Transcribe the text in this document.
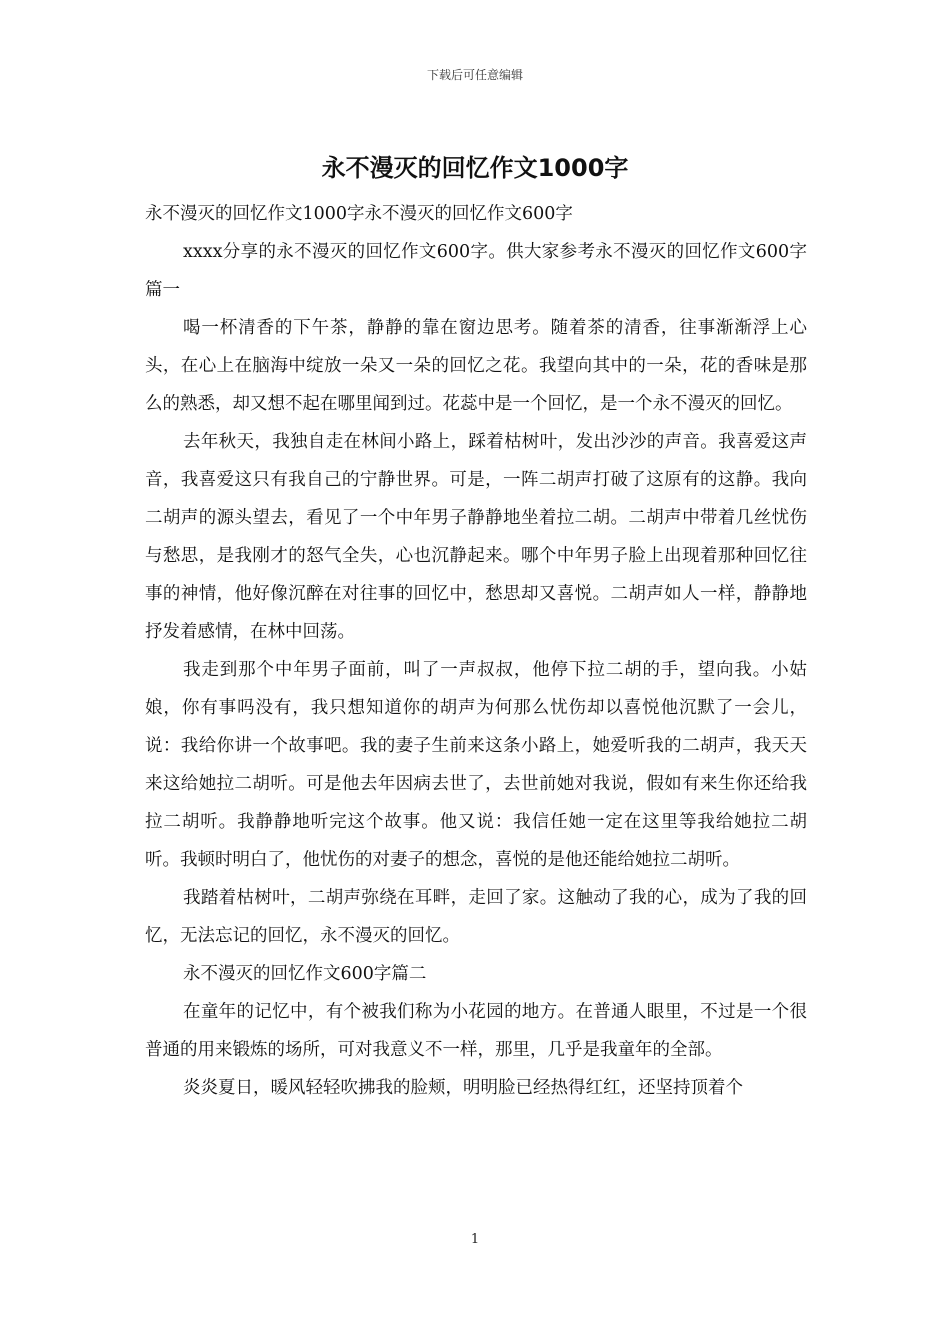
下载后可任意编辑
永不漫灭的回忆作文1000字

永不漫灭的回忆作文1000字永不漫灭的回忆作文600字

xxxx分享的永不漫灭的回忆作文600字。供大家参考永不漫灭的回忆作文600字篇一

喝一杯清香的下午茶，静静的靠在窗边思考。随着茶的清香，往事渐渐浮上心头，在心上在脑海中绽放一朵又一朵的回忆之花。我望向其中的一朵，花的香味是那么的熟悉，却又想不起在哪里闻到过。花蕊中是一个回忆，是一个永不漫灭的回忆。

去年秋天，我独自走在林间小路上，踩着枯树叶，发出沙沙的声音。我喜爱这声音，我喜爱这只有我自己的宁静世界。可是，一阵二胡声打破了这原有的这静。我向二胡声的源头望去，看见了一个中年男子静静地坐着拉二胡。二胡声中带着几丝忧伤与愁思，是我刚才的怒气全失，心也沉静起来。哪个中年男子脸上出现着那种回忆往事的神情，他好像沉醉在对往事的回忆中，愁思却又喜悦。二胡声如人一样，静静地抒发着感情，在林中回荡。

我走到那个中年男子面前，叫了一声叔叔，他停下拉二胡的手，望向我。小姑娘，你有事吗没有，我只想知道你的胡声为何那么忧伤却以喜悦他沉默了一会儿，说：我给你讲一个故事吧。我的妻子生前来这条小路上，她爱听我的二胡声，我天天来这给她拉二胡听。可是他去年因病去世了，去世前她对我说，假如有来生你还给我拉二胡听。我静静地听完这个故事。他又说：我信任她一定在这里等我给她拉二胡听。我顿时明白了，他忧伤的对妻子的想念，喜悦的是他还能给她拉二胡听。

我踏着枯树叶，二胡声弥绕在耳畔，走回了家。这触动了我的心，成为了我的回忆，无法忘记的回忆，永不漫灭的回忆。

永不漫灭的回忆作文600字篇二

在童年的记忆中，有个被我们称为小花园的地方。在普通人眼里，不过是一个很普通的用来锻炼的场所，可对我意义不一样，那里，几乎是我童年的全部。

炎炎夏日，暖风轻轻吹拂我的脸颊，明明脸已经热得红红，还坚持顶着个

1
